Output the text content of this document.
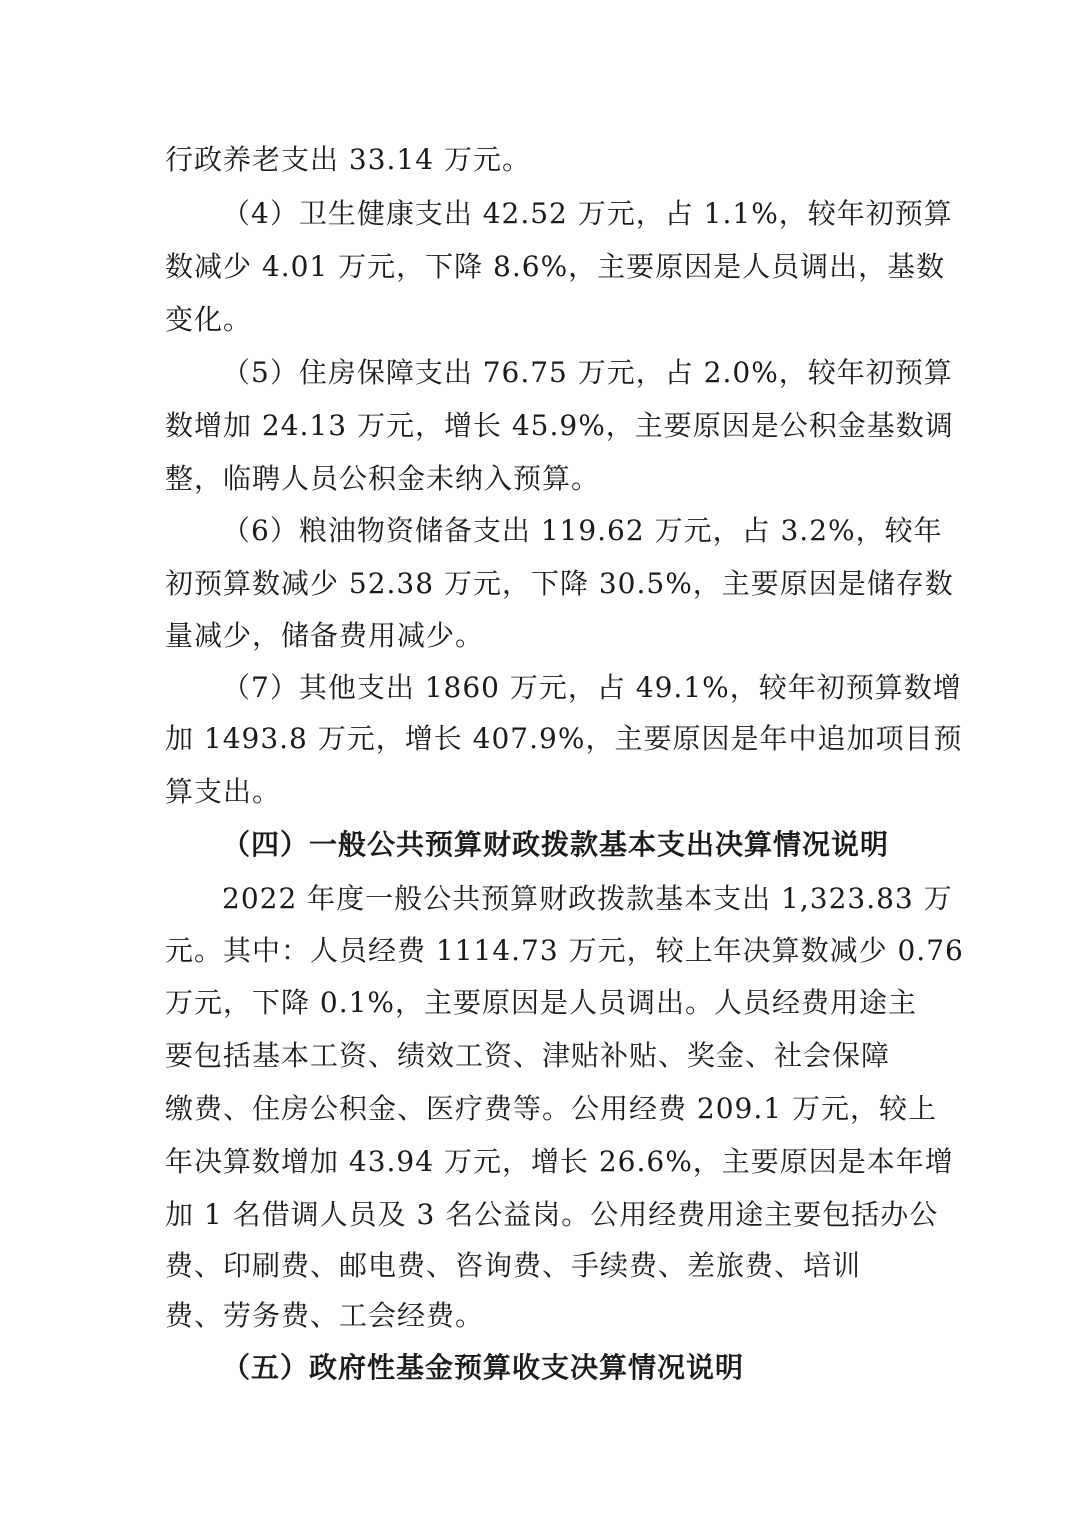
行政养老支出 33.14 万元。
（4）卫生健康支出 42.52 万元，占 1.1%，较年初预算
数减少 4.01 万元，下降 8.6%，主要原因是人员调出，基数
变化。
（5）住房保障支出 76.75 万元，占 2.0%，较年初预算
数增加 24.13 万元，增长 45.9%，主要原因是公积金基数调
整，临聘人员公积金未纳入预算。
（6）粮油物资储备支出 119.62 万元，占 3.2%，较年
初预算数减少 52.38 万元，下降 30.5%，主要原因是储存数
量减少，储备费用减少。
（7）其他支出 1860 万元，占 49.1%，较年初预算数增
加 1493.8 万元，增长 407.9%，主要原因是年中追加项目预
算支出。
（四）一般公共预算财政拨款基本支出决算情况说明
2022 年度一般公共预算财政拨款基本支出 1,323.83 万
元。其中：人员经费 1114.73 万元，较上年决算数减少 0.76
万元，下降 0.1%，主要原因是人员调出。人员经费用途主
要包括基本工资、绩效工资、津贴补贴、奖金、社会保障
缴费、住房公积金、医疗费等。公用经费 209.1 万元，较上
年决算数增加 43.94 万元，增长 26.6%，主要原因是本年增
加 1 名借调人员及 3 名公益岗。公用经费用途主要包括办公
费、印刷费、邮电费、咨询费、手续费、差旅费、培训
费、劳务费、工会经费。
（五）政府性基金预算收支决算情况说明
